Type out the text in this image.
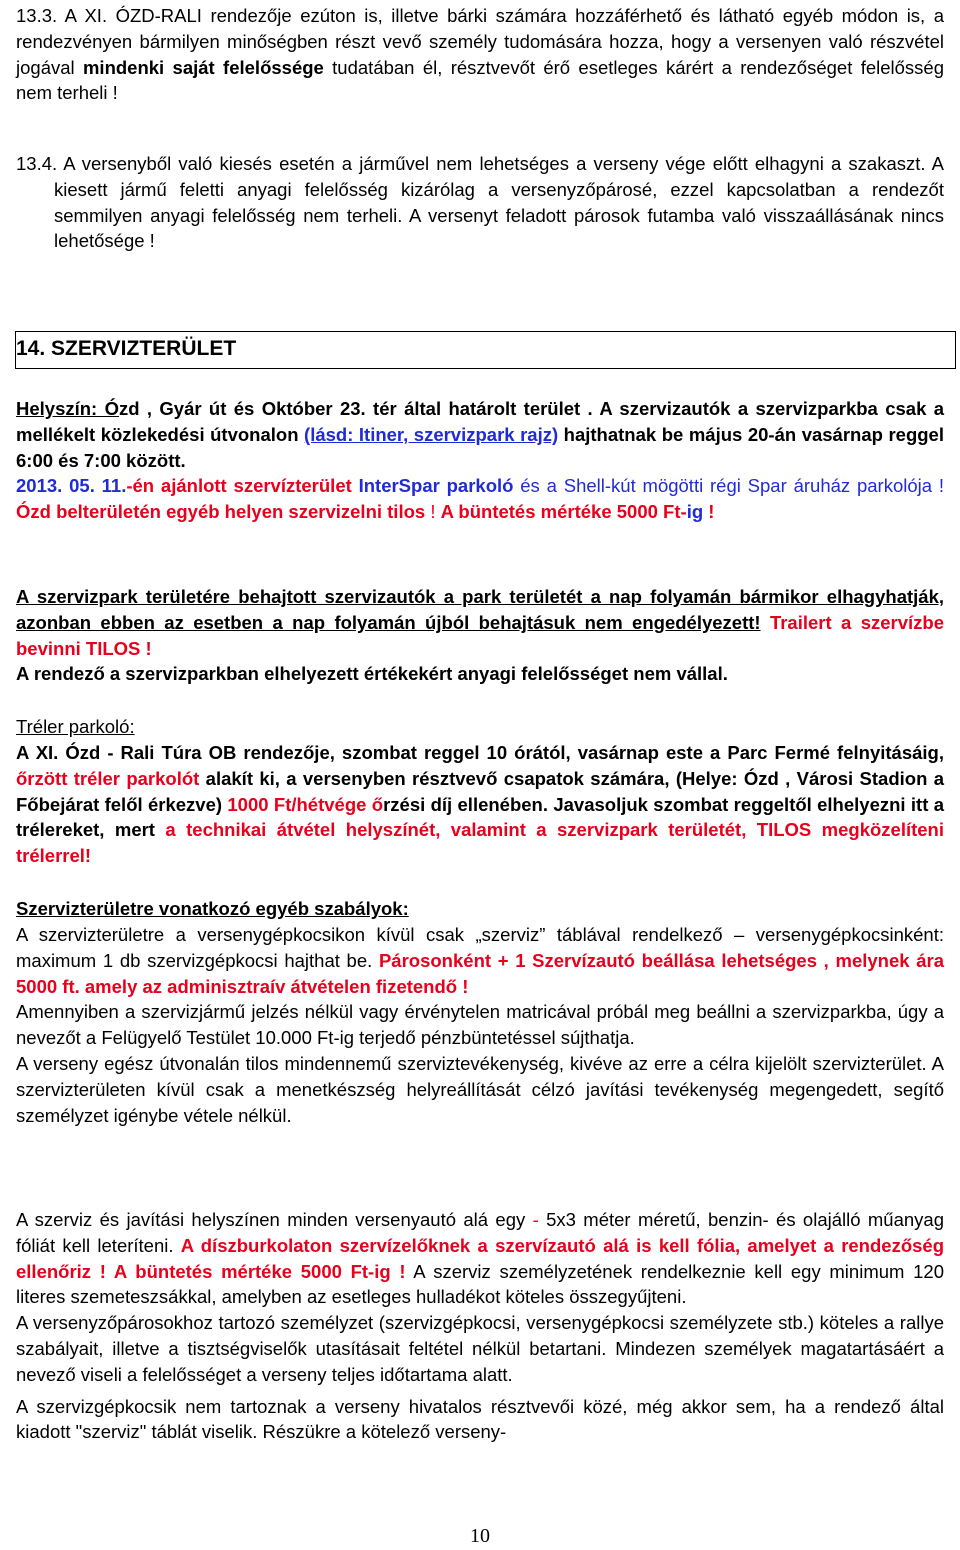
13.3. A XI. ÓZD-RALI rendezője ezúton is, illetve bárki számára hozzáférhető és látható egyéb módon is, a rendezvényen bármilyen minőségben részt vevő személy tudomására hozza, hogy a versenyen való részvétel jogával mindenki saját felelőssége tudatában él, résztvevőt érő esetleges kárért a rendezőséget felelősség nem terheli !

13.4. A versenyből való kiesés esetén a járművel nem lehetséges a verseny vége előtt elhagyni a szakaszt. A kiesett jármű feletti anyagi felelősség kizárólag a versenyzőpárosé, ezzel kapcsolatban a rendezőt semmilyen anyagi felelősség nem terheli. A versenyt feladott párosok futamba való visszaállásának nincs lehetősége !

14. SZERVIZTERÜLET

Helyszín: Ózd , Gyár út és Október 23. tér által határolt terület . A szervizautók a szervizparkba csak a mellékelt közlekedési útvonalon (lásd: Itiner, szervizpark rajz) hajthatnak be május 20-án vasárnap reggel 6:00 és 7:00 között.
2013. 05. 11.-én ajánlott szervízterület InterSpar parkoló és a Shell-kút mögötti régi Spar áruház parkolója ! Ózd belterületén egyéb helyen szervizelni tilos ! A büntetés mértéke 5000 Ft-ig !

A szervizpark területére behajtott szervizautók a park területét a nap folyamán bármikor elhagyhatják, azonban ebben az esetben a nap folyamán újból behajtásuk nem engedélyezett! Trailert a szervízbe bevinni TILOS !
A rendező a szervizparkban elhelyezett értékekért anyagi felelősséget nem vállal.

Tréler parkoló:

A XI. Ózd - Rali Túra OB rendezője, szombat reggel 10 órától, vasárnap este a Parc Fermé felnyitásáig, őrzött tréler parkolót alakít ki, a versenyben résztvevő csapatok számára, (Helye: Ózd , Városi Stadion a Főbejárat felől érkezve) 1000 Ft/hétvége őrzési díj ellenében. Javasoljuk szombat reggeltől elhelyezni itt a trélereket, mert a technikai átvétel helyszínét, valamint a szervizpark területét, TILOS megközelíteni trélerrel!

Szervizterületre vonatkozó egyéb szabályok:

A szervizterületre a versenygépkocsikon kívül csak „szerviz” táblával rendelkező – versenygépkocsinként: maximum 1 db szervizgépkocsi hajthat be. Párosonként + 1 Szervízautó beállása lehetséges , melynek ára 5000 ft. amely az adminisztraív átvételen fizetendő !

Amennyiben a szervizjármű jelzés nélkül vagy érvénytelen matricával próbál meg beállni a szervizparkba, úgy a nevezőt a Felügyelő Testület 10.000 Ft-ig terjedő pénzbüntetéssel sújthatja.

A verseny egész útvonalán tilos mindennemű szerviztevékenység, kivéve az erre a célra kijelölt szervizterület. A szervizterületen kívül csak a menetkészség helyreállítását célzó javítási tevékenység megengedett, segítő személyzet igénybe vétele nélkül.

A szerviz és javítási helyszínen minden versenyautó alá egy - 5x3 méter méretű, benzin- és olajálló műanyag fóliát kell leteríteni. A díszburkolaton szervízelőknek a szervízautó alá is kell fólia, amelyet a rendezőség ellenőriz ! A büntetés mértéke 5000 Ft-ig ! A szerviz személyzetének rendelkeznie kell egy minimum 120 literes szemeteszsákkal, amelyben az esetleges hulladékot köteles összegyűjteni.

A versenyzőpárosokhoz tartozó személyzet (szervizgépkocsi, versenygépkocsi személyzete stb.) köteles a rallye szabályait, illetve a tisztségviselők utasításait feltétel nélkül betartani. Mindezen személyek magatartásáért a nevező viseli a felelősséget a verseny teljes időtartama alatt.

A szervizgépkocsik nem tartoznak a verseny hivatalos résztvevői közé, még akkor sem, ha a rendező által kiadott "szerviz" táblát viselik. Részükre a kötelező verseny-

10
